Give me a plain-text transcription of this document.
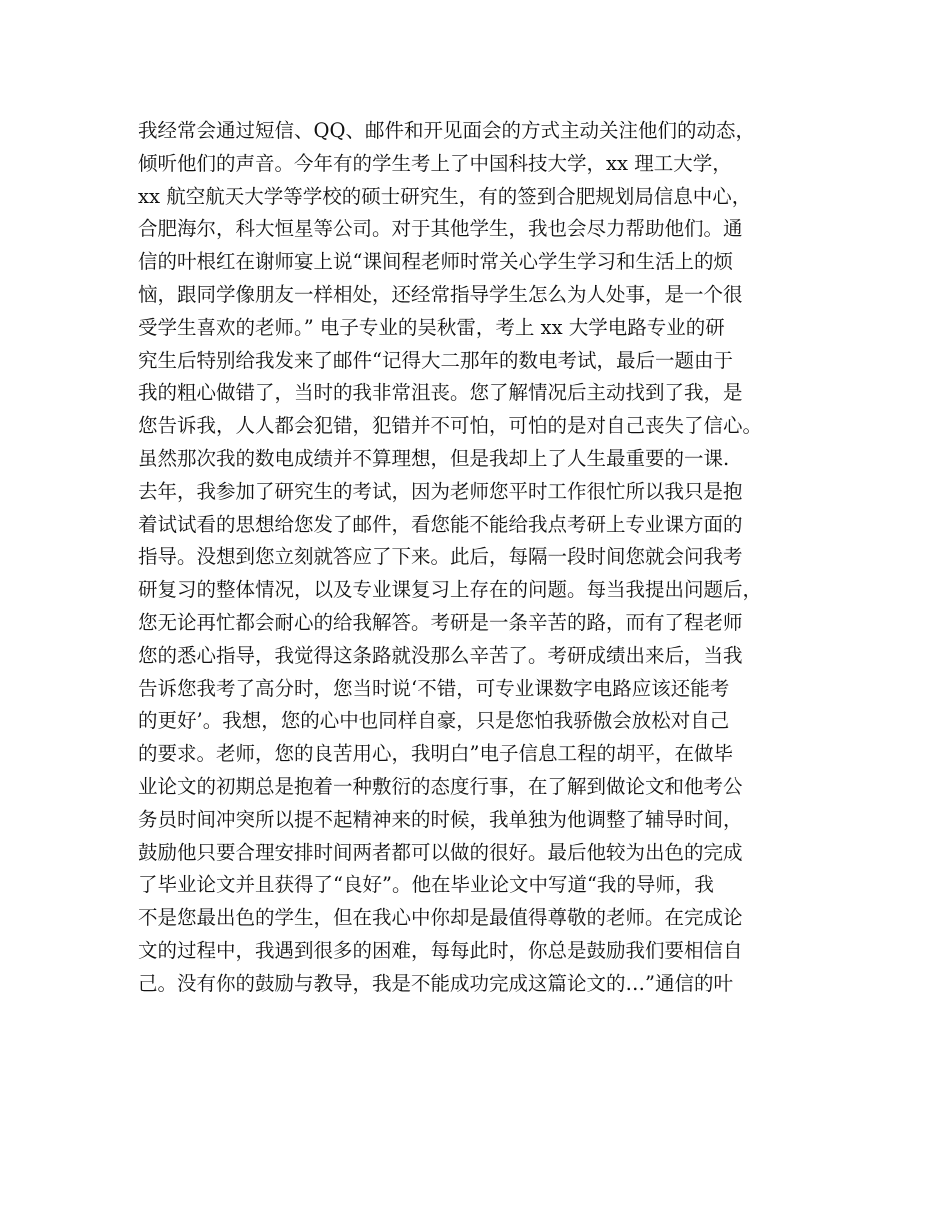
我经常会通过短信、QQ、邮件和开见面会的方式主动关注他们的动态，
倾听他们的声音。今年有的学生考上了中国科技大学，xx 理工大学，
xx 航空航天大学等学校的硕士研究生，有的签到合肥规划局信息中心，
合肥海尔，科大恒星等公司。对于其他学生，我也会尽力帮助他们。通
信的叶根红在谢师宴上说“课间程老师时常关心学生学习和生活上的烦
恼，跟同学像朋友一样相处，还经常指导学生怎么为人处事，是一个很
受学生喜欢的老师。” 电子专业的吴秋雷，考上 xx 大学电路专业的研
究生后特别给我发来了邮件“记得大二那年的数电考试，最后一题由于
我的粗心做错了，当时的我非常沮丧。您了解情况后主动找到了我，是
您告诉我，人人都会犯错，犯错并不可怕，可怕的是对自己丧失了信心。
虽然那次我的数电成绩并不算理想，但是我却上了人生最重要的一课.
去年，我参加了研究生的考试，因为老师您平时工作很忙所以我只是抱
着试试看的思想给您发了邮件，看您能不能给我点考研上专业课方面的
指导。没想到您立刻就答应了下来。此后，每隔一段时间您就会问我考
研复习的整体情况，以及专业课复习上存在的问题。每当我提出问题后，
您无论再忙都会耐心的给我解答。考研是一条辛苦的路，而有了程老师
您的悉心指导，我觉得这条路就没那么辛苦了。考研成绩出来后，当我
告诉您我考了高分时，您当时说‘不错，可专业课数字电路应该还能考
的更好’。我想，您的心中也同样自豪，只是您怕我骄傲会放松对自己
的要求。老师，您的良苦用心，我明白”电子信息工程的胡平，在做毕
业论文的初期总是抱着一种敷衍的态度行事，在了解到做论文和他考公
务员时间冲突所以提不起精神来的时候，我单独为他调整了辅导时间，
鼓励他只要合理安排时间两者都可以做的很好。最后他较为出色的完成
了毕业论文并且获得了“良好”。他在毕业论文中写道“我的导师，我
不是您最出色的学生，但在我心中你却是最值得尊敬的老师。在完成论
文的过程中，我遇到很多的困难，每每此时，你总是鼓励我们要相信自
己。没有你的鼓励与教导，我是不能成功完成这篇论文的…”通信的叶
